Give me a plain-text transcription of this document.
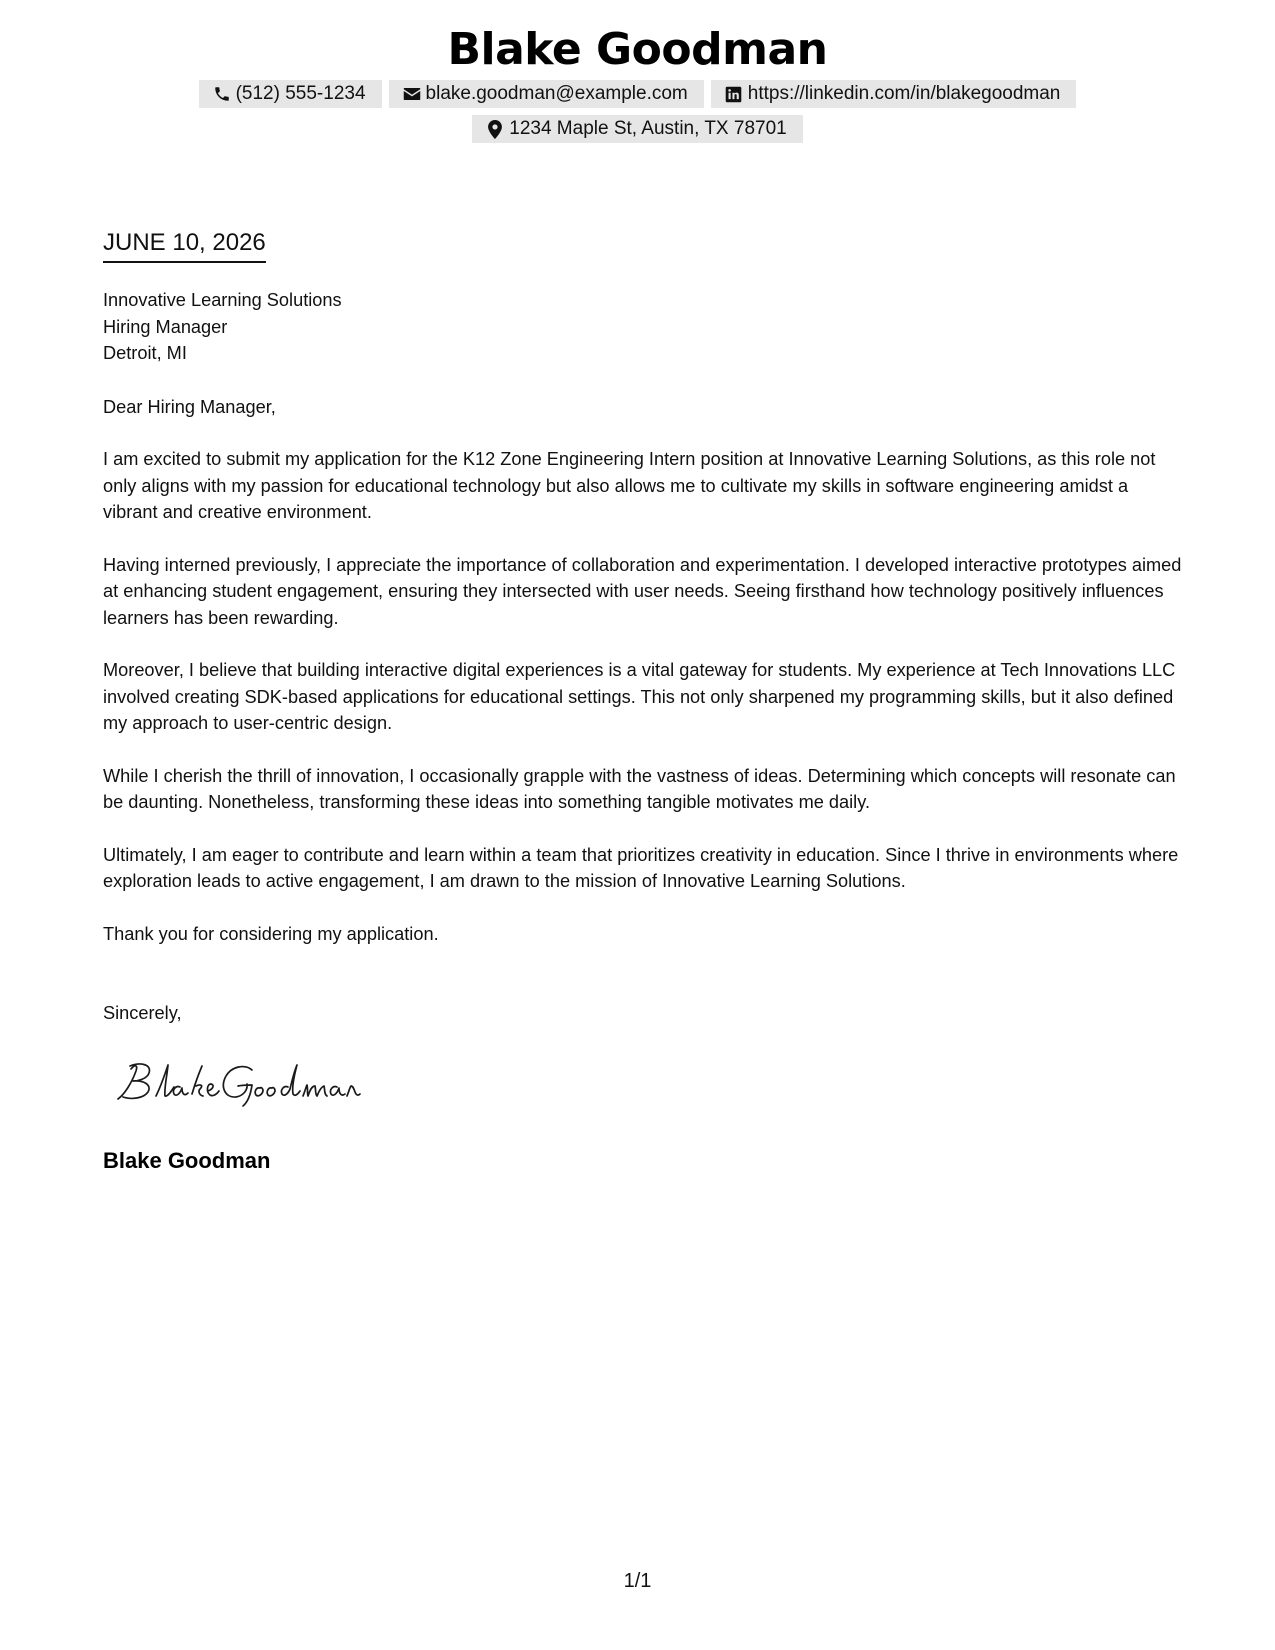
Blake Goodman
(512) 555-1234	blake.goodman@example.com	https://linkedin.com/in/blakegoodman
1234 Maple St, Austin, TX 78701
JUNE 10, 2026

Innovative Learning Solutions

Hiring Manager

Detroit, MI

Dear Hiring Manager,

I am excited to submit my application for the K12 Zone Engineering Intern position at Innovative Learning Solutions, as this role not only aligns with my passion for educational technology but also allows me to cultivate my skills in software engineering amidst a vibrant and creative environment.

Having interned previously, I appreciate the importance of collaboration and experimentation. I developed interactive prototypes aimed at enhancing student engagement, ensuring they intersected with user needs. Seeing firsthand how technology positively influences learners has been rewarding.

Moreover, I believe that building interactive digital experiences is a vital gateway for students. My experience at Tech Innovations LLC involved creating SDK-based applications for educational settings. This not only sharpened my programming skills, but it also defined my approach to user-centric design.

While I cherish the thrill of innovation, I occasionally grapple with the vastness of ideas. Determining which concepts will resonate can be daunting. Nonetheless, transforming these ideas into something tangible motivates me daily.

Ultimately, I am eager to contribute and learn within a team that prioritizes creativity in education. Since I thrive in environments where exploration leads to active engagement, I am drawn to the mission of Innovative Learning Solutions.

Thank you for considering my application.

Sincerely,

Blake Goodman
1/1
